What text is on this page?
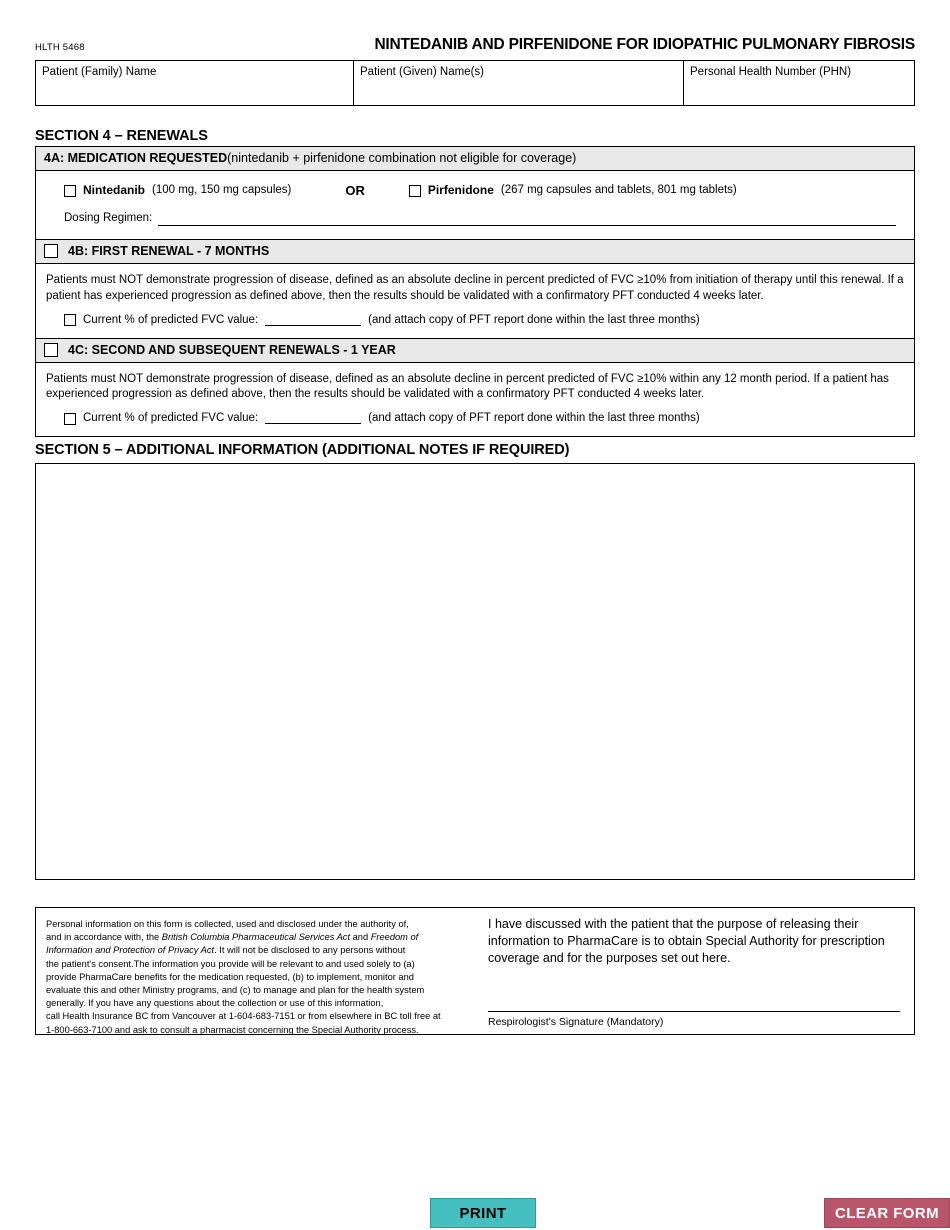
HLTH 5468	NINTEDANIB AND PIRFENIDONE FOR IDIOPATHIC PULMONARY FIBROSIS
Patient (Family) Name	Patient (Given) Name(s)	Personal Health Number (PHN)
SECTION 4 – RENEWALS
4A: MEDICATION REQUESTED (nintedanib + pirfenidone combination not eligible for coverage)
Nintedanib (100 mg, 150 mg capsules)	OR	Pirfenidone (267 mg capsules and tablets, 801 mg tablets)
Dosing Regimen:
4B: FIRST RENEWAL - 7 MONTHS
Patients must NOT demonstrate progression of disease, defined as an absolute decline in percent predicted of FVC ≥10% from initiation of therapy until this renewal. If a patient has experienced progression as defined above, then the results should be validated with a confirmatory PFT conducted 4 weeks later.
Current % of predicted FVC value:	(and attach copy of PFT report done within the last three months)
4C: SECOND AND SUBSEQUENT RENEWALS - 1 YEAR
Patients must NOT demonstrate progression of disease, defined as an absolute decline in percent predicted of FVC ≥10% within any 12 month period. If a patient has experienced progression as defined above, then the results should be validated with a confirmatory PFT conducted 4 weeks later.
Current % of predicted FVC value:	(and attach copy of PFT report done within the last three months)
SECTION 5 – ADDITIONAL INFORMATION (ADDITIONAL NOTES IF REQUIRED)
Personal information on this form is collected, used and disclosed under the authority of,
and in accordance with, the British Columbia Pharmaceutical Services Act and Freedom of
Information and Protection of Privacy Act. It will not be disclosed to any persons without
the patient's consent.The information you provide will be relevant to and used solely to (a)
provide PharmaCare benefits for the medication requested, (b) to implement, monitor and
evaluate this and other Ministry programs, and (c) to manage and plan for the health system
generally. If you have any questions about the collection or use of this information,
call Health Insurance BC from Vancouver at 1-604-683-7151 or from elsewhere in BC toll free at
1-800-663-7100 and ask to consult a pharmacist concerning the Special Authority process.
I have discussed with the patient that the purpose of releasing their information to PharmaCare is to obtain Special Authority for prescription coverage and for the purposes set out here.
Respirologist's Signature (Mandatory)
PRINT	CLEAR FORM
